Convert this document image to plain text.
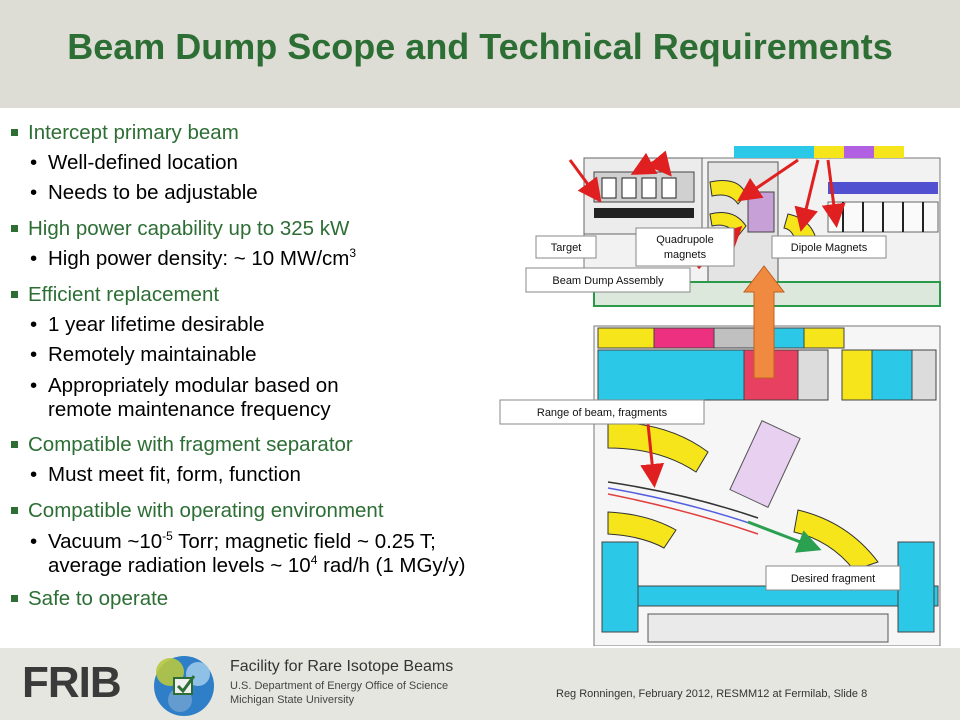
Beam Dump Scope and Technical Requirements
Intercept primary beam
• Well-defined location
• Needs to be adjustable
High power capability up to 325 kW
• High power density: ~ 10 $MW/cm^3$
Efficient replacement
• 1 year lifetime desirable
• Remotely maintainable
• Appropriately modular based on
remote maintenance frequency
Compatible with fragment separator
• Must meet fit, form, function
Compatible with operating environment
• Vacuum $\sim 10^{-5}$ Torr; magnetic field ~ 0.25 T;
average radiation levels ~ $10^4$ rad/h (1 MGy/y)
Safe to operate
Target
Quadrupole
magnets
Dipole Magnets
Beam Dump Assembly
Range of beam, fragments
Desired fragment
FRIB	Facility for Rare Isotope Beams
U.S. Department of Energy Office of Science
Michigan State University	Reg Ronningen, February 2012, RESMM12 at Fermilab, Slide 8
